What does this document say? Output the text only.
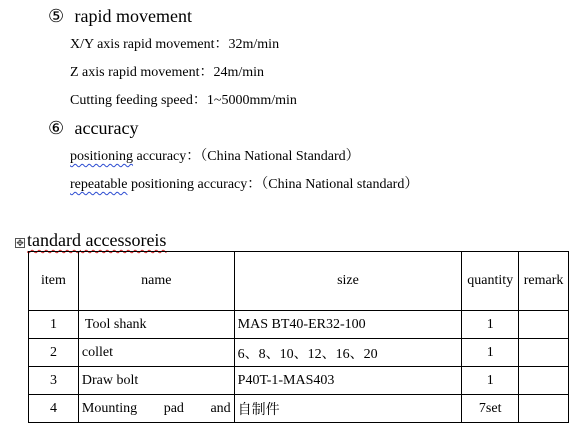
⑤ rapid movement
X/Y axis rapid movement：32m/min
Z axis rapid movement：24m/min
Cutting feeding speed：1~5000mm/min
⑥ accuracy
positioning accuracy：（China National Standard）
repeatable positioning accuracy：（China National standard）
✥ tandard accessoreis
item	name	size	quantity	remark
1	Tool shank	MAS BT40-ER32-100	1	
2	collet	6、8、10、12、16、20	1	
3	Draw bolt	P40T-1-MAS403	1	
4	Mounting pad and	自制件	7set	
